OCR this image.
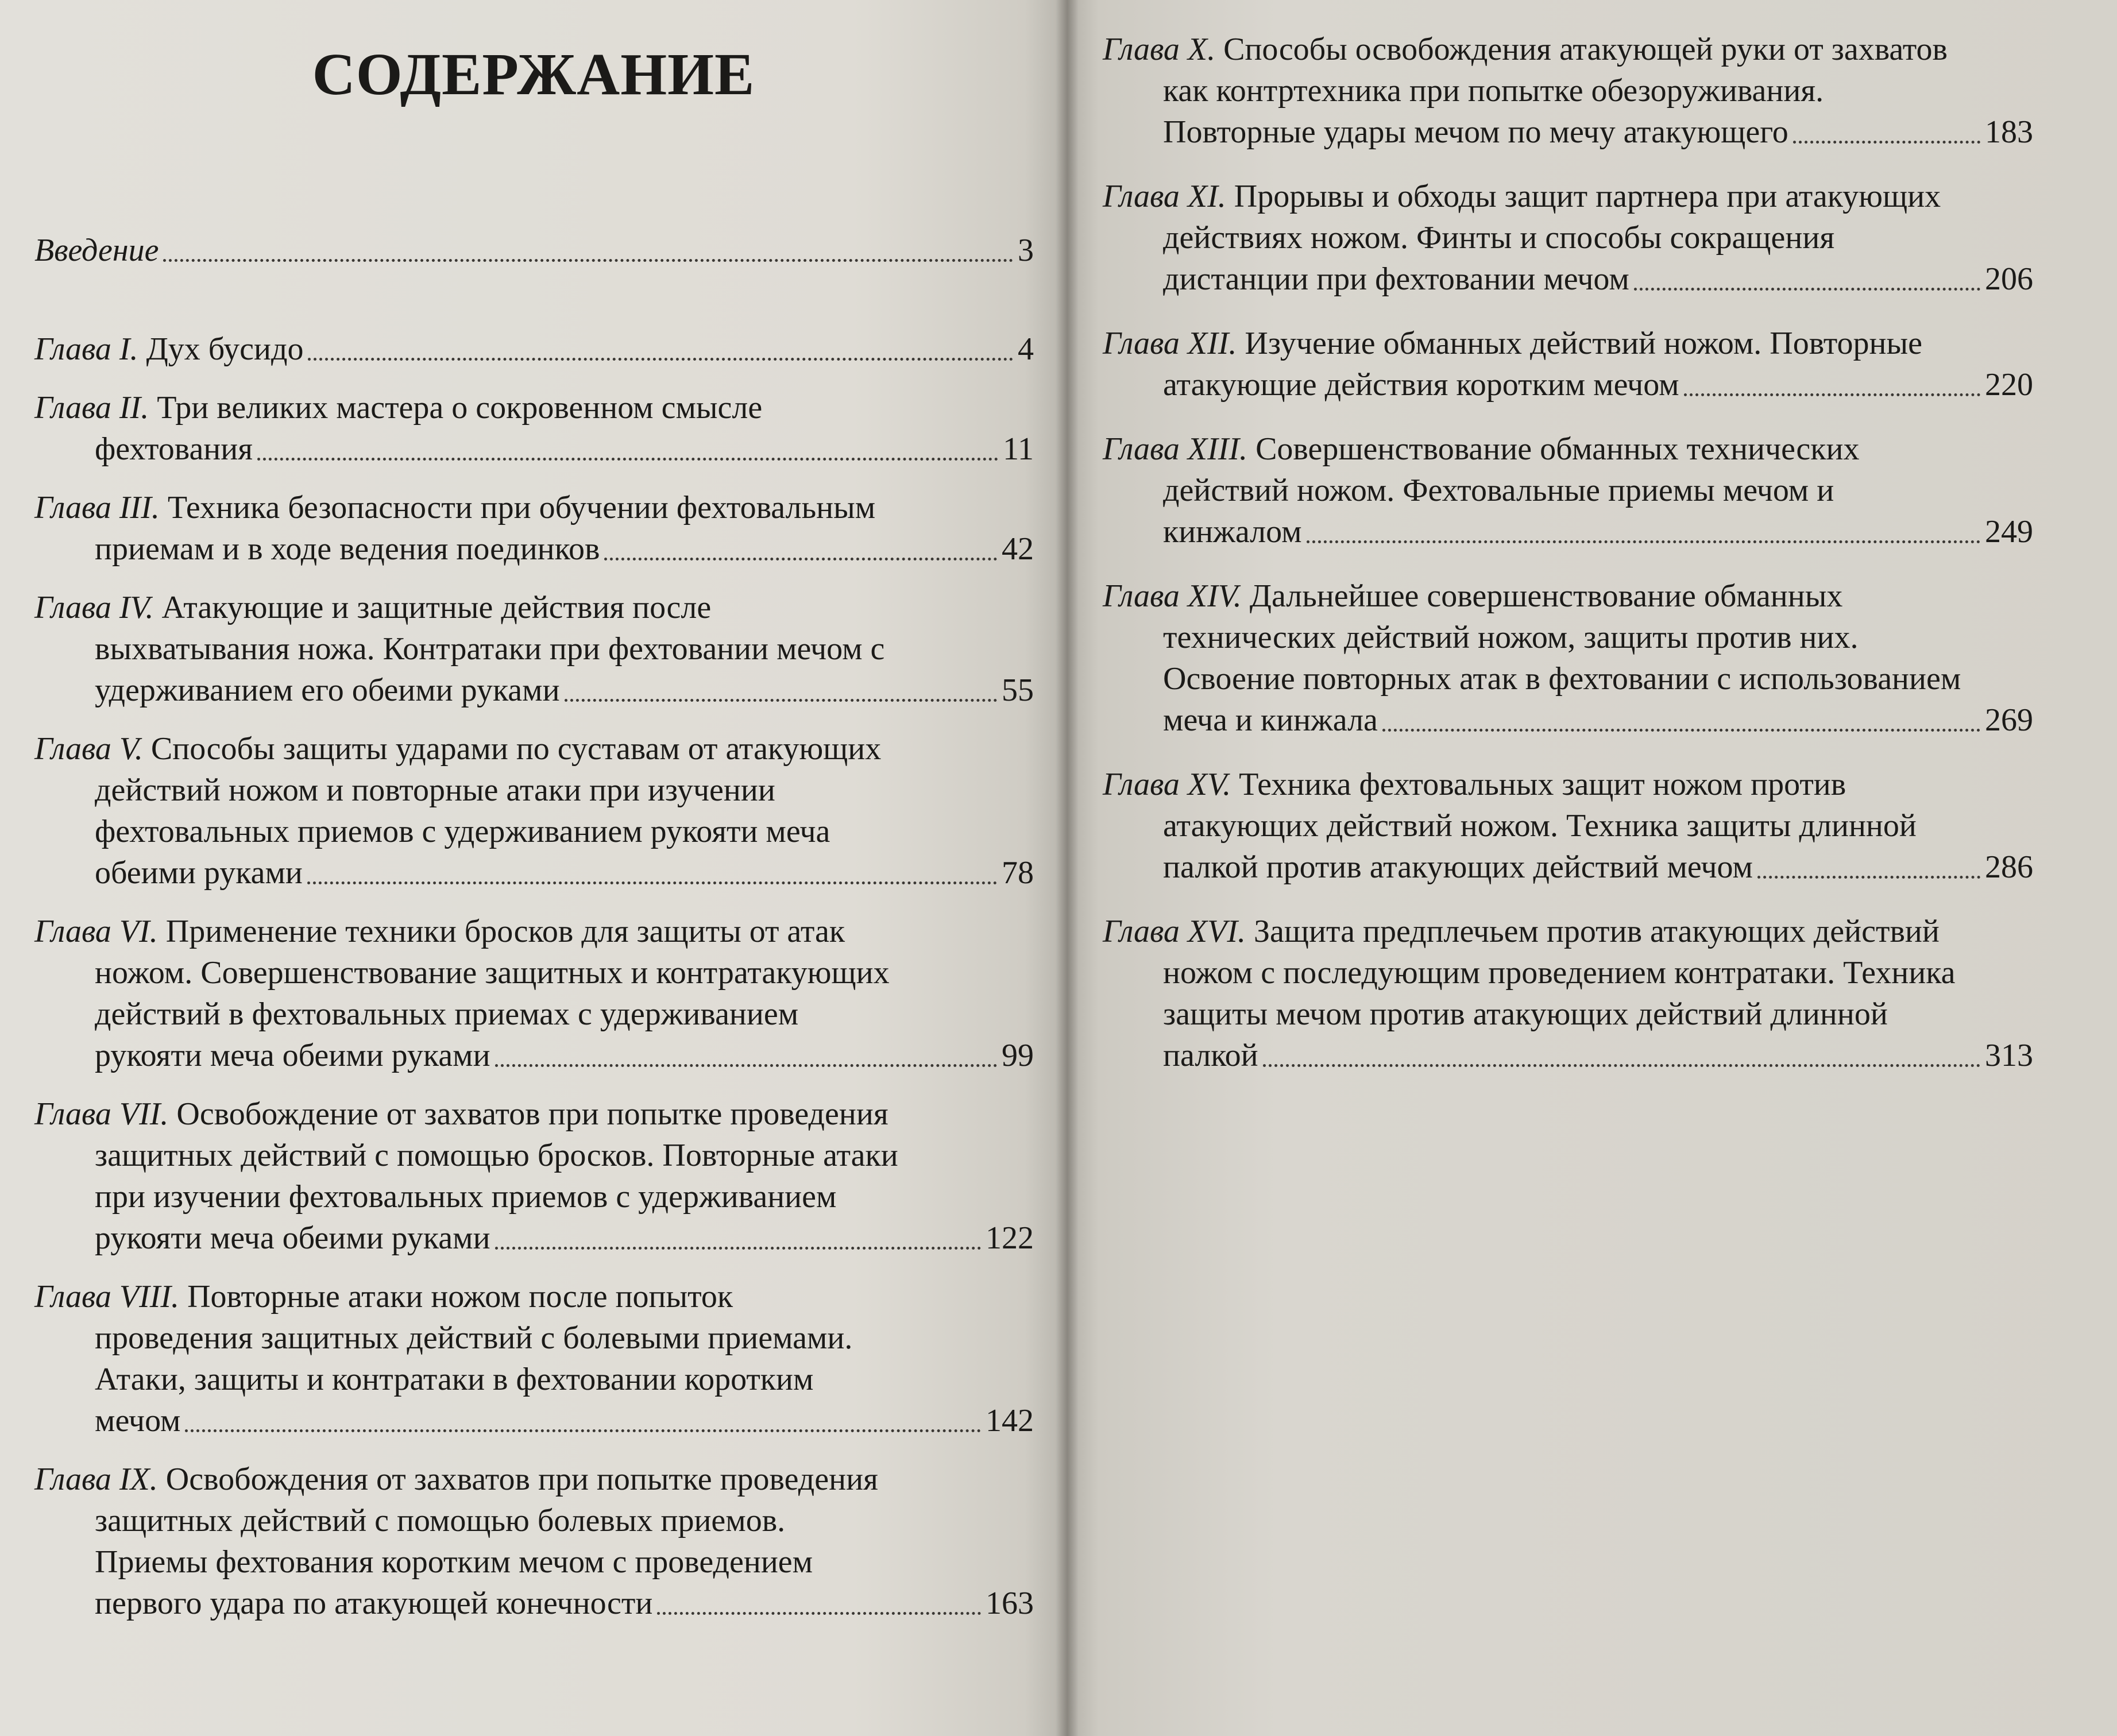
СОДЕРЖАНИЕ
Введение	3
Глава I. Дух бусидо	4
Глава II. Три великих мастера о сокровенном смысле
фехтования	11
Глава III. Техника безопасности при обучении фехтовальным
приемам и в ходе ведения поединков	42
Глава IV. Атакующие и защитные действия после
выхватывания ножа. Контратаки при фехтовании мечом с
удерживанием его обеими руками	55
Глава V. Способы защиты ударами по суставам от атакующих
действий ножом и повторные атаки при изучении
фехтовальных приемов с удерживанием рукояти меча
обеими руками	78
Глава VI. Применение техники бросков для защиты от атак
ножом. Совершенствование защитных и контратакующих
действий в фехтовальных приемах с удерживанием
рукояти меча обеими руками	99
Глава VII. Освобождение от захватов при попытке проведения
защитных действий с помощью бросков. Повторные атаки
при изучении фехтовальных приемов с удерживанием
рукояти меча обеими руками	122
Глава VIII. Повторные атаки ножом после попыток
проведения защитных действий с болевыми приемами.
Атаки, защиты и контратаки в фехтовании коротким
мечом	142
Глава IX. Освобождения от захватов при попытке проведения
защитных действий с помощью болевых приемов.
Приемы фехтования коротким мечом с проведением
первого удара по атакующей конечности	163
Глава X. Способы освобождения атакующей руки от захватов
как контртехника при попытке обезоруживания.
Повторные удары мечом по мечу атакующего	183
Глава XI. Прорывы и обходы защит партнера при атакующих
действиях ножом. Финты и способы сокращения
дистанции при фехтовании мечом	206
Глава XII. Изучение обманных действий ножом. Повторные
атакующие действия коротким мечом	220
Глава XIII. Совершенствование обманных технических
действий ножом. Фехтовальные приемы мечом и
кинжалом	249
Глава XIV. Дальнейшее совершенствование обманных
технических действий ножом, защиты против них.
Освоение повторных атак в фехтовании с использованием
меча и кинжала	269
Глава XV. Техника фехтовальных защит ножом против
атакующих действий ножом. Техника защиты длинной
палкой против атакующих действий мечом	286
Глава XVI. Защита предплечьем против атакующих действий
ножом с последующим проведением контратаки. Техника
защиты мечом против атакующих действий длинной
палкой	313
